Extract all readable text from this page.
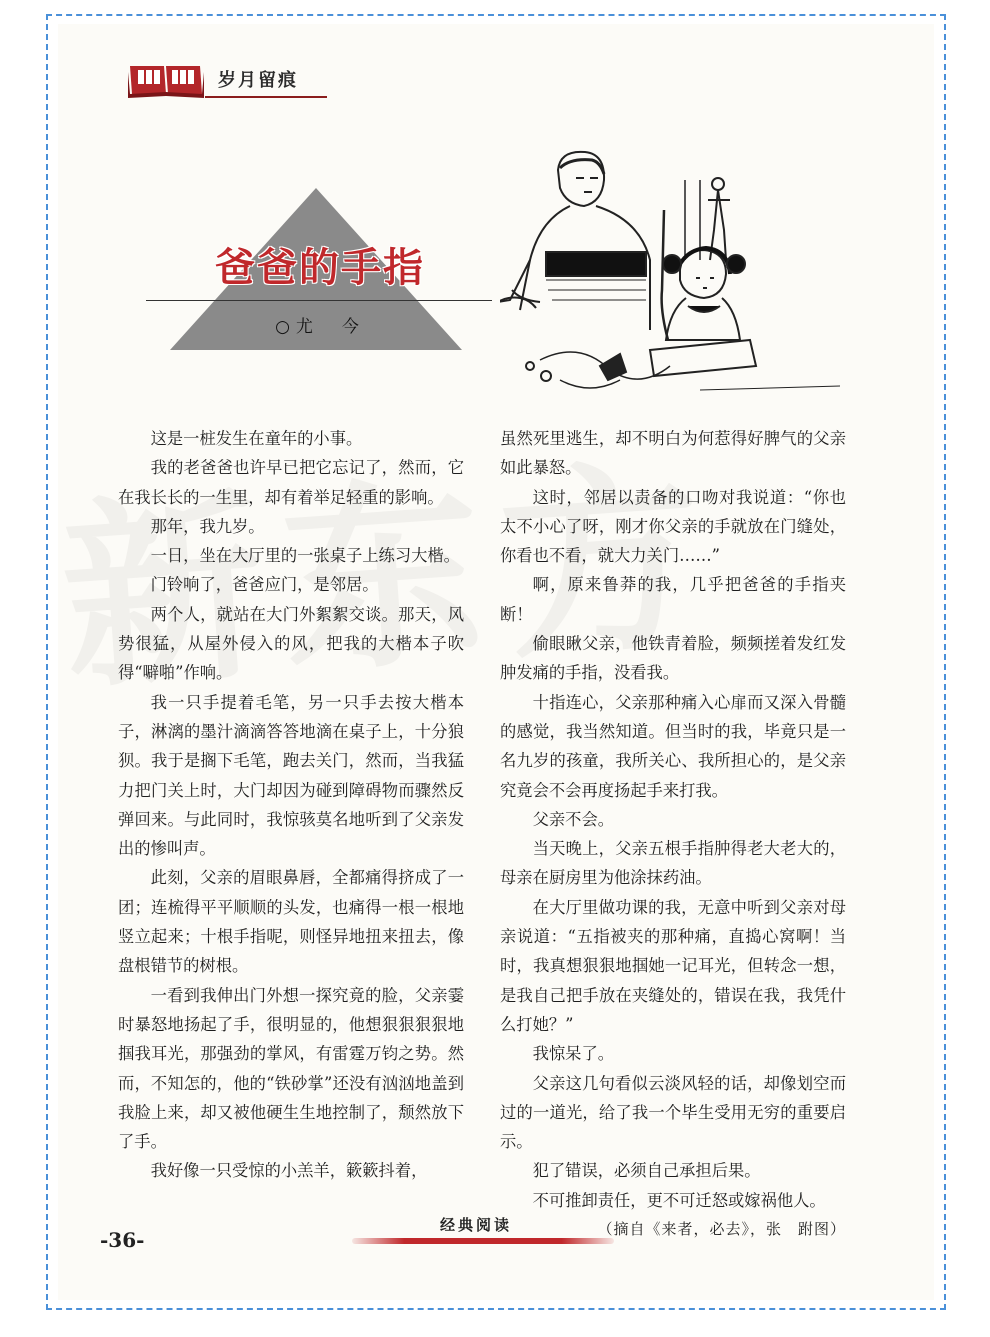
岁月留痕
爸爸的手指
○尤　今

这是一桩发生在童年的小事。

我的老爸爸也许早已把它忘记了，然而，它在我长长的一生里，却有着举足轻重的影响。

那年，我九岁。

一日，坐在大厅里的一张桌子上练习大楷。

门铃响了，爸爸应门，是邻居。

两个人，就站在大门外絮絮交谈。那天，风势很猛，从屋外侵入的风，把我的大楷本子吹得“噼啪”作响。

我一只手提着毛笔，另一只手去按大楷本子，淋漓的墨汁滴滴答答地滴在桌子上，十分狼狈。我于是搁下毛笔，跑去关门，然而，当我猛力把门关上时，大门却因为碰到障碍物而骤然反弹回来。与此同时，我惊骇莫名地听到了父亲发出的惨叫声。

此刻，父亲的眉眼鼻唇，全都痛得挤成了一团；连梳得平平顺顺的头发，也痛得一根一根地竖立起来；十根手指呢，则怪异地扭来扭去，像盘根错节的树根。

一看到我伸出门外想一探究竟的脸，父亲霎时暴怒地扬起了手，很明显的，他想狠狠狠狠地掴我耳光，那强劲的掌风，有雷霆万钧之势。然而，不知怎的，他的“铁砂掌”还没有汹汹地盖到我脸上来，却又被他硬生生地控制了，颓然放下了手。

我好像一只受惊的小羔羊，簌簌抖着，

虽然死里逃生，却不明白为何惹得好脾气的父亲如此暴怒。

这时，邻居以责备的口吻对我说道：“你也太不小心了呀，刚才你父亲的手就放在门缝处，你看也不看，就大力关门……”

啊，原来鲁莽的我，几乎把爸爸的手指夹断！

偷眼瞅父亲，他铁青着脸，频频搓着发红发肿发痛的手指，没看我。

十指连心，父亲那种痛入心扉而又深入骨髓的感觉，我当然知道。但当时的我，毕竟只是一名九岁的孩童，我所关心、我所担心的，是父亲究竟会不会再度扬起手来打我。

父亲不会。

当天晚上，父亲五根手指肿得老大老大的，母亲在厨房里为他涂抹药油。

在大厅里做功课的我，无意中听到父亲对母亲说道：“五指被夹的那种痛，直捣心窝啊！当时，我真想狠狠地掴她一记耳光，但转念一想，是我自己把手放在夹缝处的，错误在我，我凭什么打她？”

我惊呆了。

父亲这几句看似云淡风轻的话，却像划空而过的一道光，给了我一个毕生受用无穷的重要启示。

犯了错误，必须自己承担后果。

不可推卸责任，更不可迁怒或嫁祸他人。

（摘自《来者，必去》，张　跗图）

-36-
经典阅读
